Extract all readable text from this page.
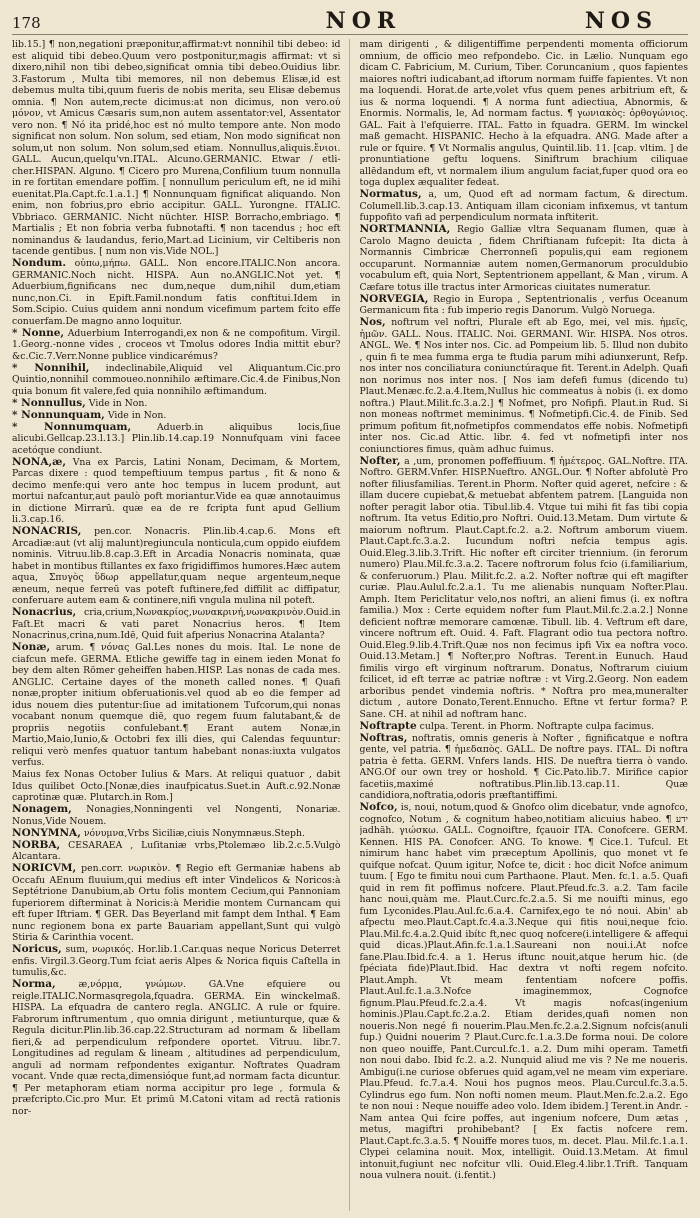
178	NOR	NOS

lib.15.] ¶ non,negationi præponitur,affirmat:vt nonnihil tibi debeo: id est aliquid tibi debeo.Quum vero postponitur,magis affirmat: vt si dixero,nihil non tibi debeo,significat omnia tibi debeo.Ouidius libr. 3.Fastorum , Multa tibi memores, nil non debemus Elisæ,id est debemus multa tibi,quum fueris de nobis merita, seu Elisæ debemus omnia. ¶ Non autem,recte dicimus:at non dicimus, non vero.ού μόνον, vt Amicus Cæsaris sum,non autem assentator:vel, Assentator vero non. ¶ Nó ita pridé,hoc est nó multo tempore ante. Non modo significat non solum. Non solum, sed etiam, Non modo significat non solum,ut non solum. Non solum,sed etiam. Nonnullus,aliquis.ἔνιοι. GALL. Aucun,quelqu'vn.ITAL. Alcuno.GERMANIC. Etwar / etli- cher.HISPAN. Alguno. ¶ Cicero pro Murena,Confilium tuum nonnulla in re fortitan emendare poffim. [ nonnullum periculum eft, ne id mihi euenitat.Pla.Capt.fc.1.a.1.] ¶ Nonnunquam fignificat aliquando. Non enim, non fobrius,pro ebrio accipitur. GALL. Yurongne. ITALIC. Vbbriaco. GERMANIC. Nicht nüchter. HISP. Borracho,embriago. ¶ Martialis ; Et non fobria verba fubnotafti. ¶ non tacendus ; hoc eft nominandus & laudandus, ferio,Mart.ad Licinium, vir Celtiberis non tacende gentibus. [ num non vis.Vide NOL.]

Nondum. οὐπω,μήπω. GALL. Non encore.ITALIC.Non ancora. GERMANIC.Noch nicht. HISPA. Aun no.ANGLIC.Not yet. ¶ Aduerbium,fignificans nec dum,neque dum,nihil dum,etiam nunc,non.Ci. in Epift.Famil.nondum fatis conftitui.Idem in Som.Scipio. Cuius quidem anni nondum vicefimum partem fcito effe conuerfam.De magno anno loquitur.

* Nonne, Aduerbium Interrogandi,ex non & ne compofitum. Virgil. 1.Georg.-nonne vides , croceos vt Tmolus odores India mittit ebur? &c.Cic.7.Verr.Nonne publice vindicarémus?

* Nonnihil, indeclinabile,Aliquid vel Aliquantum.Cic.pro Quintio,nonnihil commoueo.nonnihilo æftimare.Cic.4.de Finibus,Non quia bonum fit valere,fed quia nonnihilo æftimandum.

* Nonnullus, Vide in Non.

* Nonnunquam, Vide in Non.

* Nonnumquam,	Aduerb.in aliquibus locis,ſiue alicubi.Gellcap.23.l.13.] Plin.lib.14.cap.19 Nonnufquam vini facee acetóque condiunt.

NONA,æ, Vna ex Parcis, Latini Nonam, Decimam, & Mortem, Parcas dixere : quod tempeftiuum tempus partus , fit & nono & decimo menfe:qui vero ante hoc tempus in lucem produnt, aut mortui nafcantur,aut paulò poft moriantur.Vide ea quæ annotauimus in dictione Mirrarū. quæ ea de re fcripta funt apud Gellium li.3.cap.16.

NONACRIS, pen.cor. Nonacris. Plin.lib.4.cap.6. Mons eft Arcadiæ:aut (vt alij malunt)regiuncula nonticula,cum oppido eiufdem nominis. Vitruu.lib.8.cap.3.Eft in Arcadia Nonacris nominata, quæ habet in montibus ftillantes ex faxo frigidiffimos humores.Hæc autem aqua, Σπυγὸς ὕδωρ appellatur,quam neque argenteum,neque æneum, neque ferreū vas poteft fuftinere,fed diffilit ac diffipatur, conferuare autem eam & continere,nifi vngula mulina nil poteft.

Nonacrius, cria,crium,Νωνακρίος,νωνακρινή,νωνακρινὸν.Ouid.in Faſt.Et macri & vati paret Nonacrius heros. ¶ Item Nonacrinus,crina,num.Idē, Quid fuit afperius Nonacrina Atalanta?

Nonæ, arum. ¶ νόνας Gal.Les nones du mois. Ital. Le none de ciafcun mefe. GERMA. Etliche gewiffe tag in einem ieden Monat fo bey dem alten Römer geheiffen haben.HISP. Las nonas de cada mes. ANGLIC. Certaine dayes of the moneth called nones. ¶ Quafi nonæ,propter initium obferuationis.vel quod ab eo die femper ad idus nouem dies putentur:ſiue ad imitationem Tufcorum,qui nonas vocabant nonum quemque diē, quo regem fuum falutabant,& de propriis negotiis confulebant.¶ Erant autem Nonæ,in Martio,Maio,Iunio,& Octobri fex illi dies, qui Calendas fequuntur: reliqui verò menfes quatuor tantum habebant nonas:iuxta vulgatos verfus.

Maius fex Nonas October Iulius & Mars. At reliqui quatuor , dabit Idus quilibet Octo.[Nonæ,dies inaufpicatus.Suet.in Auft.c.92.Nonæ caprotinæ quæ. Plutarch.in Rom.]

Nonagem, Nonagies,Nonningenti vel Nongenti, Nonariæ. Nonus,Vide Nouem.

NONYMNA, νόνυμνα,Vrbs Siciliæ,ciuis Nonymnæus.Steph.

NORBA, CESARAEA , Luſitaniæ vrbs,Ptolemæo lib.2.c.5.Vulgò Alcantara.

NORICVM, pen.corr. νωρικὸν. ¶ Regio eft Germaniæ habens ab Occafu AEnum fluuium,qui medius eft inter Vindelicos & Noricos:à Septétrione Danubium,ab Ortu folis montem Cecium,qui Pannoniam fuperiorem difterminat à Noricis:à Meridie montem Curnancam qui eft fuper Iftriam. ¶ GER. Das Beyerland mit fampt dem Inthal. ¶ Eam nunc regionem bona ex parte Bauariam appellant,Sunt qui vulgò Stiria & Carinthia vocent.

Noricus, sum, νωρικός. Hor.lib.1.Car.quas neque Noricus Deterret enfis. Virgil.3.Georg.Tum fciat aeris Alpes & Norica fiquis Caſtella in tumulis,&c.

Norma, æ,νόρμα, γνώμων. GA.Vne efquiere ou reigle.ITALIC.Normasqregola,fquadra. GERMA. Ein winckelmaß. HISPA. La efquadra de cantero regla. ANGLIC. A rule or fquire. Fabrorum inftrumentum , quo omnia dirigunt , metiunturque, quæ & Regula dicitur.Plin.lib.36.cap.22.Structuram ad normam & libellam fieri,& ad perpendiculum refpondere oportet. Vitruu. libr.7. Longitudines ad regulam & lineam , altitudines ad perpendiculum, anguli ad normam refpondentes exigantur. Noftrates Quadram vocant. Vnde quæ recta,dimensióque funt,ad normam facta dicuntur. ¶ Per metaphoram etiam norma accipitur pro lege , formula & præfcripto.Cic.pro Mur. Et primū M.Catoni vitam ad rectā rationis nor-

mam dirigenti , & diligentiffime perpendenti momenta officiorum omnium, de officio meo refpondebo. Cic. in Lælio. Nunquam ego dicam C. Fabricium, M. Curium, Tiber. Coruncanium , quos fapientes maiores noftri iudicabant,ad iftorum normam fuiffe fapientes. Vt non ma loquendi. Horat.de arte,volet vfus quem penes arbitrium eft, & ius & norma loquendi. ¶ A norma funt adiectiua, Abnormis, & Enormis. Normalis, le, Ad normam factus. ¶ γωνιακὸς: ὀρθογώνιος. GAL. Fait à l'efquierre. ITAL. Fatto in fquadra. GERM. Im winckel maß gemacht. HISPANIC. Hecho à la efquadra. ANG. Made after a rule or fquire. ¶ Vt Normalis angulus, Quintil.lib. 11. [cap. vltim. ] de pronuntiatione geftu loquens. Siniftrum brachium ciliquae allēdandum eft, vt normalem ilium angulum faciat,fuper quod ora eo toga duplex æqualiter fedeat.

Normatus, a, um, Quod eft ad normam factum, & directum. Columell.lib.3.cap.13. Antiquam illam ciconiam infixemus, vt tantum fuppofito vafi ad perpendiculum normata inftiterit.

NORTMANNIA, Regio Galliæ vltra Sequanam flumen, quæ à Carolo Magno deuicta , fidem Chriftianam fufcepit: Ita dicta à Normannis Cimbricæ Cherronneſi populis,qui eam regionem occuparunt. Normanniæ autem nomen,Germanorum proculdubio vocabulum eft, quia Nort, Septentrionem appellant, & Man , virum. A Cæfare totus ille tractus inter Armoricas ciuitates numeratur.

NORVEGIA, Regio in Europa , Septentrionalis , verfus Oceanum Germanicum fita : fub imperio regis Danorum. Vulgò Noruega.

Nos, noftrum vel noftri, Plurale eft ab Ego, mei, vel mis. ἡμεῖς, ἡμῶν. GALL. Nous. ITALIC. Noi. GERMANI. Wir. HISPA. Nos otros. ANGL. We. ¶ Nos inter nos. Cic. ad Pompeium lib. 5. Illud non dubito , quin fi te mea fumma erga te ftudia parum mihi adiunxerunt, Refp. nos inter nos conciliatura coniunctúraque fit. Terent.in Adelph. Quafi non norimus nos inter nos. [ Nos iam defefi fumus (dicendo tu) Plaut.Menæc.fc.2.a.4.Item,Nullus hic commeatus à nobis (i. ex domo noftra.) Plaut.Milit.fc.3.a.2.] ¶ Nofmet, pro Nofipfi. Plaut.in Rud. Si non moneas noftrmet meminimus. ¶ Nofmetipfi.Cic.4. de Finib. Sed primum pofitum fit,nofmetipfos commendatos effe nobis. Nofmetipfi inter nos. Cic.ad Attic. libr. 4. fed vt nofmetipfi inter nos coniunctiores fimus, quàm adhuc fuimus.

Nofter, a ,um, pronomen poffeffiuum. ¶ ἡμέτερος. GAL.Noftre. ITA. Noftro. GERM.Vnfer. HISP.Nueftro. ANGL.Our. ¶ Nofter abfolutè Pro nofter filiusfamilias. Terent.in Phorm. Nofter quid ageret, nefcire : & illam ducere cupiebat,& metuebat abfentem patrem. [Languida non nofter peragit labor otia. Tibul.lib.4. Vtque tui mihi fit fas tibi copia noftrum. Ita vetus Editio,pro Noftri. Ouid.13.Metam. Dum virtute & maiorum noftrum. Plaut.Capt.fc.2. a.2. Noftrum amborum viuem. Plaut.Capt.fc.3.a.2. Iucundum noftri nefcia tempus agis. Ouid.Eleg.3.lib.3.Trift. Hic nofter eft circiter triennium. (in ferorum numero) Plau.Mil.fc.3.a.2. Tacere noftrorum folus fcio (i.familiarium, & conferuorum.) Plau. Milit.fc.2. a.2. Nofter noftræ qui eft magifter curiæ. Plau.Aulul.fc.2.a.1. Tu me alienabis nunquam Nofter.Plau. Amph. Item Periclitatur velo,nos noftri, an alieni fimus (i. ex noftra familia.) Mox : Certe equidem nofter fum Plaut.Mil.fc.2.a.2.] Nonne deficient noftræ memorare camœnæ. Tibull. lib. 4. Veftrum eft dare, vincere noftrum eft. Ouid. 4. Faft. Flagrant odio tua pectora noftro. Ouid.Eleg.9.lib.4.Trift.Quæ nos non fecimus ipfi Vix ea noftra voco. Ouid.13.Metam.] ¶ Nofter,pro Noftras. Terent.in Eunuch. Haud fimilis virgo eft virginum noftrarum. Donatus, Noftrarum ciuium fcilicet, id eft terræ ac patriæ noftræ : vt Virg.2.Georg. Non eadem arboribus pendet vindemia noftris. * Noftra pro mea,muneralter dictum , autore Donato,Terent.Ennucho. Eftne vt fertur forma? P. Sane. CH. at nihil ad noftram hanc.

Noftrapte culpa. Terent. in Phorm. Noftrapte culpa facimus.

Noftras, noftratis, omnis generis à Nofter , fignificatque e noftra gente, vel patria. ¶ ἡμεδαπὸς. GALL. De noftre pays. ITAL. Di noftra patria è fetta. GERM. Vnfers lands. HIS. De nueftra tierra ò vando. ANG.Of our own trey or hoshold. ¶ Cic.Pato.lib.7. Mirifice capior facetiis,maximé noftratibus.Plin.lib.13.cap.11. Quæ candidiora,noftratia,odoris præftantiffimi.

Nofco, is, noui, notum,quod & Gnofco olim dicebatur, vnde agnofco, cognofco, Notum , & cognitum habeo,notitiam alicuius habeo. ¶ ידע jadhāh. γιώσκω. GALL. Cognoiftre, fçauoir ITA. Conofcere. GERM. Kennen. HIS PA. Conofcer. ANG. To knowe. ¶ Cice.1. Tufcul. Et nimirum hanc habet vim præceptum Apollinis, quo monet vt fe quifque nofcat. Quum igitur, Nofce te, dicit : hoc dicit Nofce animum tuum. [ Ego te fimitu noui cum Parthaone. Plaut. Men. fc.1. a.5. Quafi quid in rem fit poffimus nofcere. Plaut.Pfeud.fc.3. a.2. Tam facile hanc noui,quàm me. Plaut.Curc.fc.2.a.5. Si me nouifti minus, ego fum Lyconides.Plau.Aul.fc.6.a.4. Carnifex,ego te nó noui. Abin' ab afpectu meo.Plaut.Capt.fc.4.a.3.Neque qui fitis noui,neque fcio. Plau.Mil.fc.4.a.2.Quid ibítc ft,nec quoq nofcere(i.intelligere & affequi quid dicas.)Plaut.Afin.fc.1.a.1.Saureani non noui.i.At nofce fane.Plau.Ibid.fc.4. a 1. Herus iftunc nouit,atque herum hic. (de fpéciata fide)Plaut.Ibid. Hac dextra vt nofti regem nofcito. Plaut.Amph. Vt meam fententiam nofcere poffis. Plaut.Aul.fc.1.a.3.Nofce imaginemmox, Cognofce fignum.Plau.Pfeud.fc.2.a.4. Vt magis nofcas(ingenium hominis.)Plau.Capt.fc.2.a.2. Etiam derides,quafi nomen non noueris.Non negé fi nouerim.Plau.Men.fc.2.a.2.Signum nofcis(anuli fup.) Quidni nouerim ? Plaut.Curc.fc.1.a.3.De forma noui. De colore non queo nouiffe, Pant.Curcul.fc.1. a.2. Dum mihi operam. Tametfi non noui dabo. Ibid fc.2. a.2. Nunquid aliud me vis ? Ne me noueris. Ambigu(i.ne curiose obferues quid agam,vel ne meam vim experiare. Plau.Pfeud. fc.7.a.4. Noui hos pugnos meos. Plau.Curcul.fc.3.a.5. Cylindrus ego fum. Non nofti nomen meum. Plaut.Men.fc.2.a.2. Ego te non noui : Neque nouiffe adeo volo. Idem ibidem.] Terent.in Andr. -Nam antea Qui fcire poffes, aut ingenium nofcere, Dum ætas , metus, magiftri prohibebant? [ Ex factis nofcere rem. Plaut.Capt.fc.3.a.5. ¶ Nouiffe mores tuos, m. decet. Plau. Mil.fc.1.a.1. Clypei celamina nouit. Mox, intelligit. Ouid.13.Metam. At fimul intonuit,fugiunt nec nofcitur vlli. Ouid.Eleg.4.libr.1.Trift. Tanquam noua vulnera nouit. (i.fentit.)
